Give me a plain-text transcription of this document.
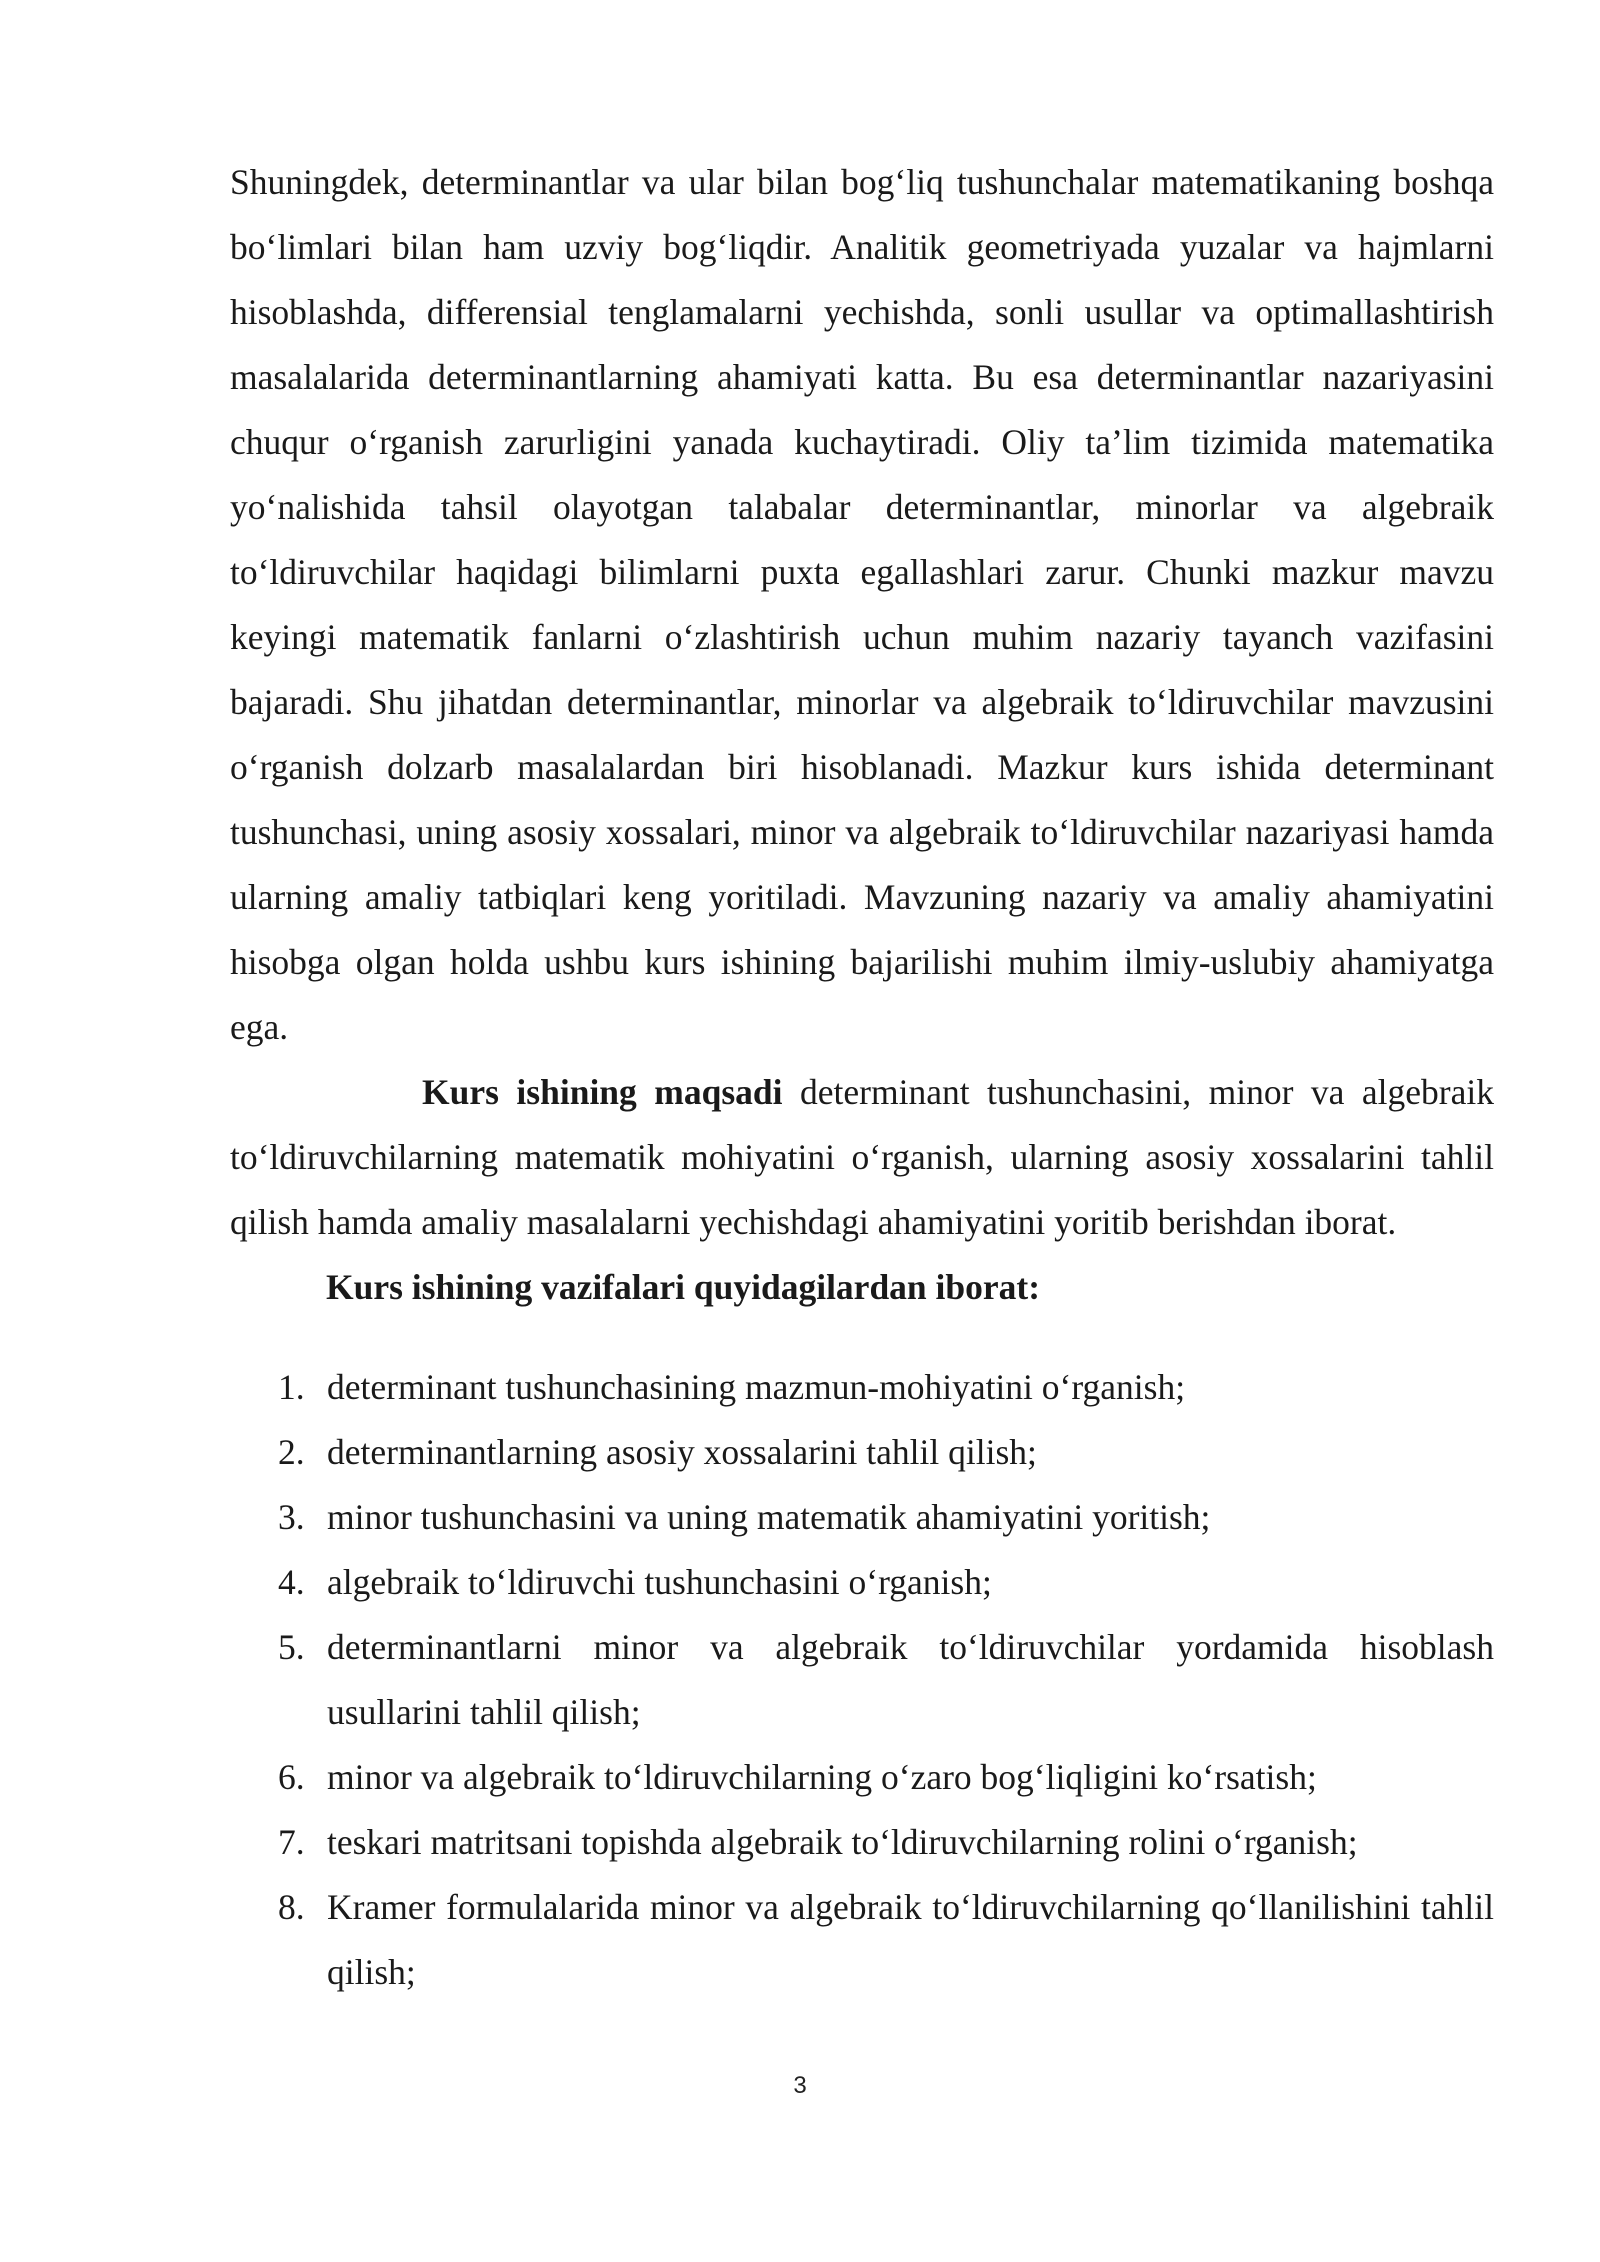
Shuningdek, determinantlar va ular bilan bog‘liq tushunchalar matematikaning boshqa bo‘limlari bilan ham uzviy bog‘liqdir. Analitik geometriyada yuzalar va hajmlarni hisoblashda, differensial tenglamalarni yechishda, sonli usullar va optimallashtirish masalalarida determinantlarning ahamiyati katta. Bu esa determinantlar nazariyasini chuqur o‘rganish zarurligini yanada kuchaytiradi. Oliy ta’lim tizimida matematika yo‘nalishida tahsil olayotgan talabalar determinantlar, minorlar va algebraik to‘ldiruvchilar haqidagi bilimlarni puxta egallashlari zarur. Chunki mazkur mavzu keyingi matematik fanlarni o‘zlashtirish uchun muhim nazariy tayanch vazifasini bajaradi. Shu jihatdan determinantlar, minorlar va algebraik to‘ldiruvchilar mavzusini o‘rganish dolzarb masalalardan biri hisoblanadi. Mazkur kurs ishida determinant tushunchasi, uning asosiy xossalari, minor va algebraik to‘ldiruvchilar nazariyasi hamda ularning amaliy tatbiqlari keng yoritiladi. Mavzuning nazariy va amaliy ahamiyatini hisobga olgan holda ushbu kurs ishining bajarilishi muhim ilmiy-uslubiy ahamiyatga ega.

Kurs ishining maqsadi determinant tushunchasini, minor va algebraik to‘ldiruvchilarning matematik mohiyatini o‘rganish, ularning asosiy xossalarini tahlil qilish hamda amaliy masalalarni yechishdagi ahamiyatini yoritib berishdan iborat.

Kurs ishining vazifalari quyidagilardan iborat:

1. determinant tushunchasining mazmun-mohiyatini o‘rganish;
2. determinantlarning asosiy xossalarini tahlil qilish;
3. minor tushunchasini va uning matematik ahamiyatini yoritish;
4. algebraik to‘ldiruvchi tushunchasini o‘rganish;
5. determinantlarni minor va algebraik to‘ldiruvchilar yordamida hisoblash usullarini tahlil qilish;
6. minor va algebraik to‘ldiruvchilarning o‘zaro bog‘liqligini ko‘rsatish;
7. teskari matritsani topishda algebraik to‘ldiruvchilarning rolini o‘rganish;
8. Kramer formulalarida minor va algebraik to‘ldiruvchilarning qo‘llanilishini tahlil qilish;
3
